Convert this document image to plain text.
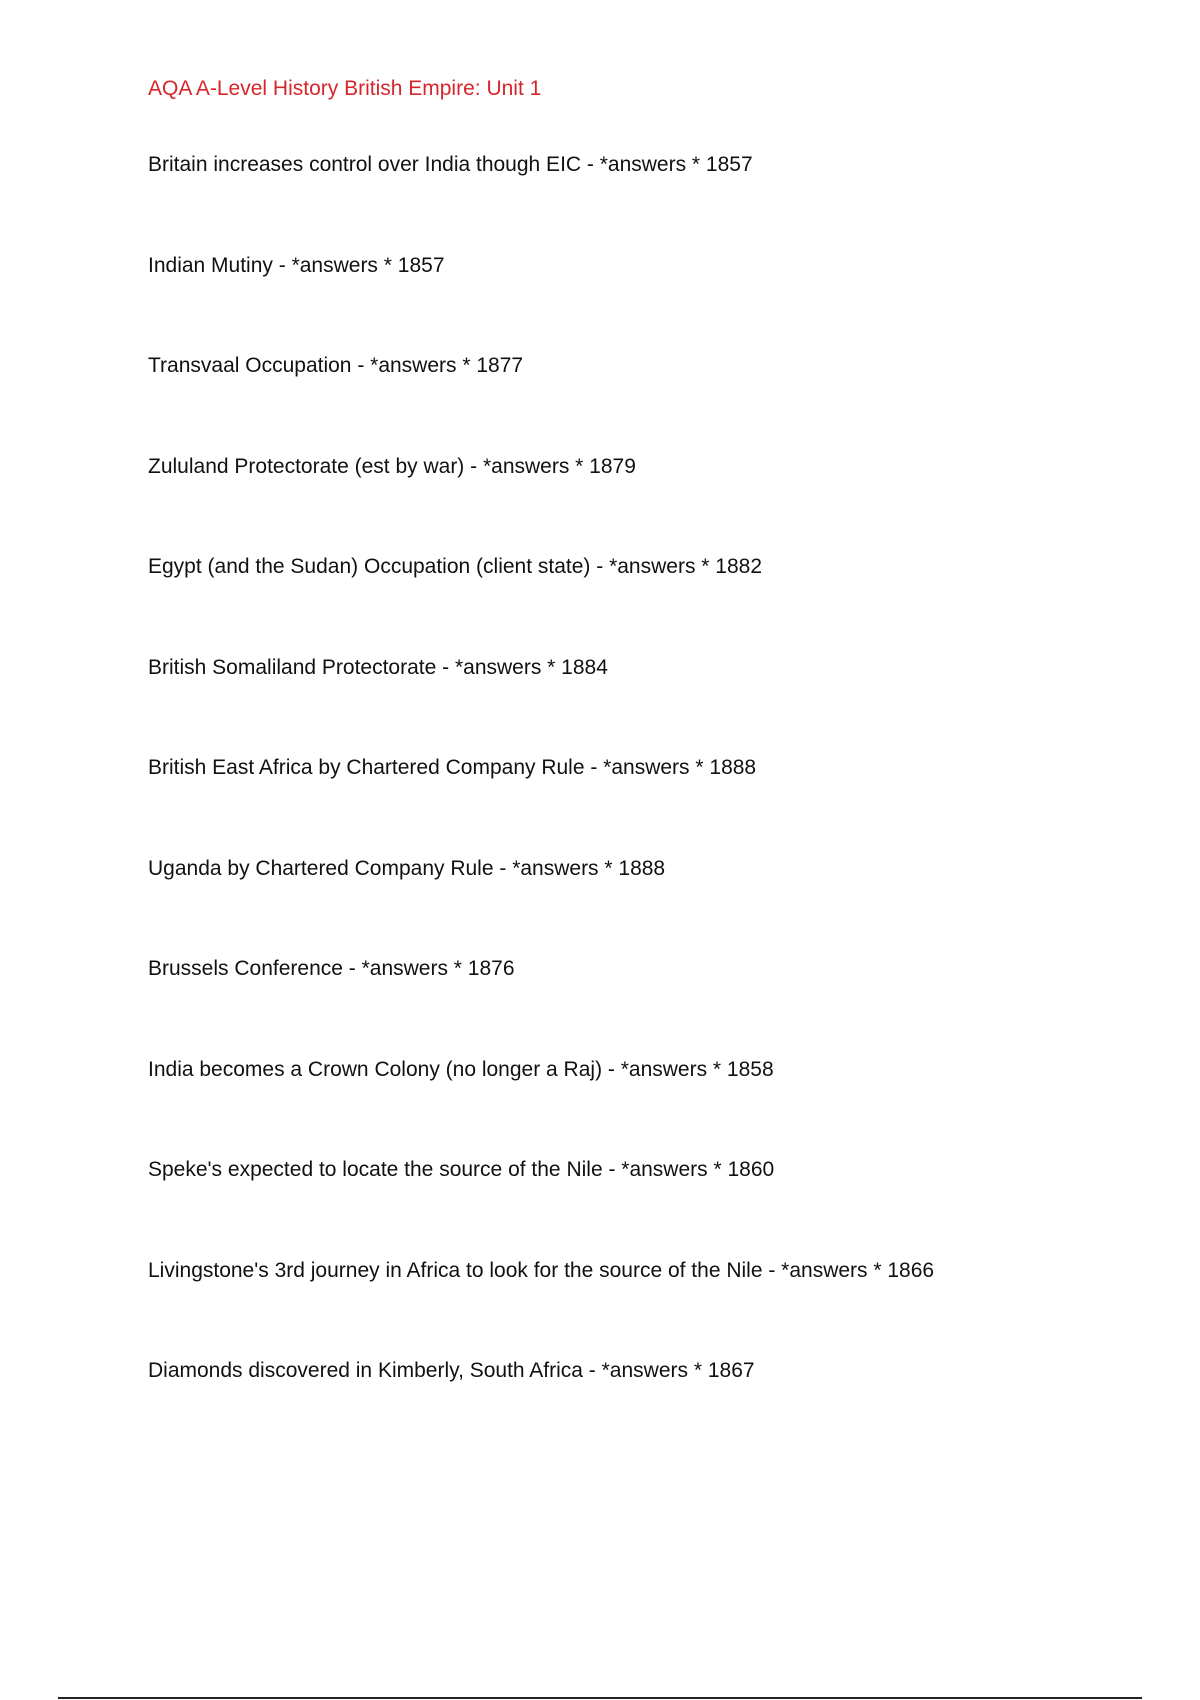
AQA A-Level History British Empire: Unit 1
Britain increases control over India though EIC - *answers * 1857
Indian Mutiny - *answers * 1857
Transvaal Occupation - *answers * 1877
Zululand Protectorate (est by war) - *answers * 1879
Egypt (and the Sudan) Occupation (client state) - *answers * 1882
British Somaliland Protectorate - *answers * 1884
British East Africa by Chartered Company Rule - *answers * 1888
Uganda by Chartered Company Rule - *answers * 1888
Brussels Conference - *answers * 1876
India becomes a Crown Colony (no longer a Raj) - *answers * 1858
Speke's expected to locate the source of the Nile - *answers * 1860
Livingstone's 3rd journey in Africa to look for the source of the Nile - *answers * 1866
Diamonds discovered in Kimberly, South Africa - *answers * 1867
